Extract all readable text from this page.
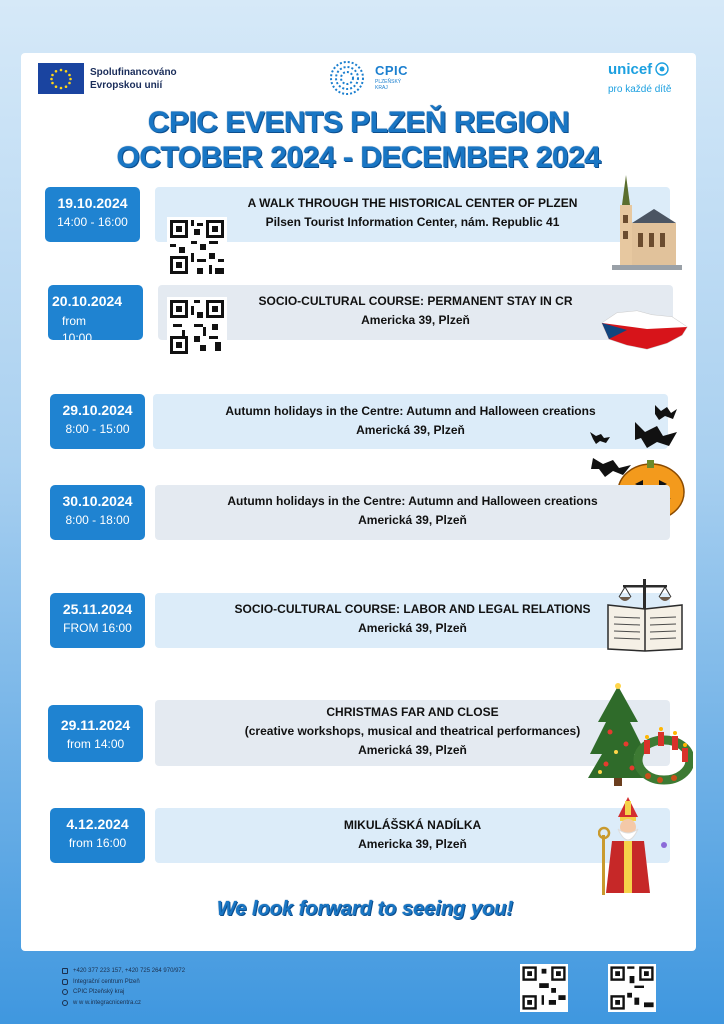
Spolufinancováno
Evropskou unií
CPIC
PLZEŇSKÝ KRAJ
unicef
pro každé dítě
CPIC EVENTS PLZEŇ REGION
OCTOBER 2024 - DECEMBER 2024
A WALK THROUGH THE HISTORICAL CENTER OF PLZEN
Pilsen Tourist Information Center, nám. Republic 41
19.10.2024
14:00 - 16:00
SOCIO-CULTURAL COURSE: PERMANENT STAY IN CR
Americka 39, Plzeň
20.10.2024
from 10:00
Autumn holidays in the Centre: Autumn and Halloween creations
Americká 39, Plzeň
29.10.2024
8:00 - 15:00
Autumn holidays in the Centre: Autumn and Halloween creations
Americká 39, Plzeň
30.10.2024
8:00 - 18:00
SOCIO-CULTURAL COURSE: LABOR AND LEGAL RELATIONS
Americká 39, Plzeň
25.11.2024
FROM 16:00
CHRISTMAS FAR AND CLOSE
(creative workshops, musical and theatrical performances)
Americká 39, Plzeň
29.11.2024
from 14:00
MIKULÁŠSKÁ NADÍLKA
Americka 39, Plzeň
4.12.2024
from 16:00
We look forward to seeing you!
+420 377 223 157, +420 725 264 970/972
Integrační centrum Plzeň
CPIC Plzeňský kraj
w w w.integracnicentra.cz
